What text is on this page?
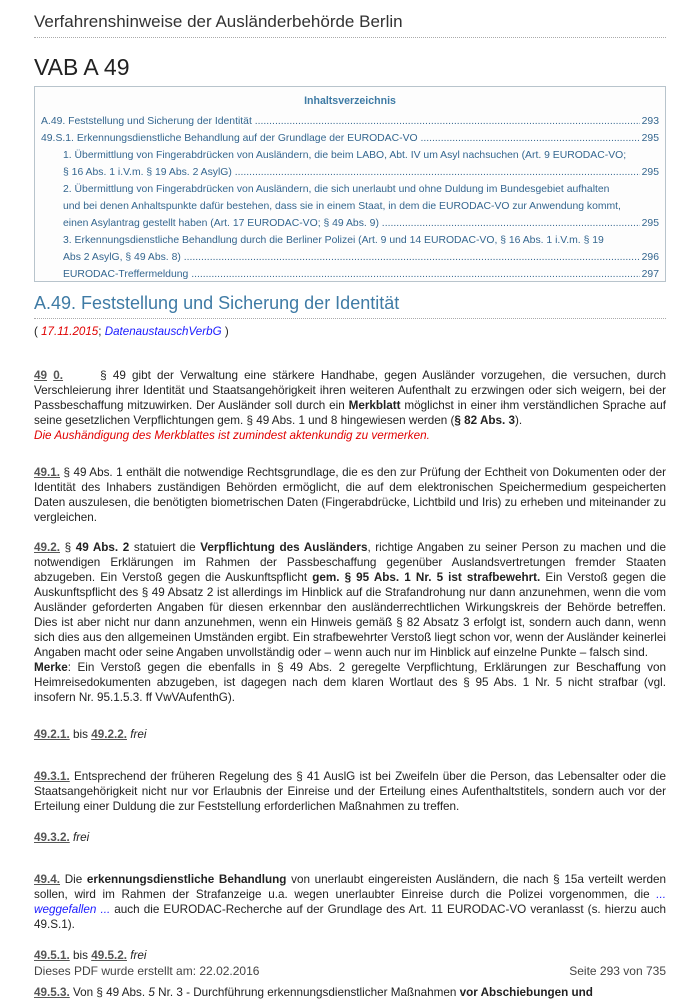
Verfahrenshinweise der Ausländerbehörde Berlin
VAB A 49
Inhaltsverzeichnis
A.49. Feststellung und Sicherung der Identität .....	293
49.S.1. Erkennungsdienstliche Behandlung auf der Grundlage der EURODAC-VO .....	295
1. Übermittlung von Fingerabdrücken von Ausländern, die beim LABO, Abt. IV um Asyl nachsuchen (Art. 9 EURODAC-VO;
§ 16 Abs. 1 i.V.m. § 19 Abs. 2 AsylG) .....	295
2. Übermittlung von Fingerabdrücken von Ausländern, die sich unerlaubt und ohne Duldung im Bundesgebiet aufhalten
und bei denen Anhaltspunkte dafür bestehen, dass sie in einem Staat, in dem die EURODAC-VO zur Anwendung kommt,
einen Asylantrag gestellt haben (Art. 17 EURODAC-VO; § 49 Abs. 9) .....	295
3. Erkennungsdienstliche Behandlung durch die Berliner Polizei (Art. 9 und 14 EURODAC-VO, § 16 Abs. 1 i.V.m. § 19
Abs 2 AsylG, § 49 Abs. 8) .....	296
EURODAC-Treffermeldung .....	297
A.49. Feststellung und Sicherung der Identität
( 17.11.2015; DatenaustauschVerbG )

49 0.	§ 49 gibt der Verwaltung eine stärkere Handhabe, gegen Ausländer vorzugehen, die versuchen, durch Verschleierung ihrer Identität und Staatsangehörigkeit ihren weiteren Aufenthalt zu erzwingen oder sich weigern, bei der Passbeschaffung mitzuwirken. Der Ausländer soll durch ein Merkblatt möglichst in einer ihm verständlichen Sprache auf seine gesetzlichen Verpflichtungen gem. § 49 Abs. 1 und 8 hingewiesen werden (§ 82 Abs. 3).
Die Aushändigung des Merkblattes ist zumindest aktenkundig zu vermerken.

49.1. § 49 Abs. 1 enthält die notwendige Rechtsgrundlage, die es den zur Prüfung der Echtheit von Dokumenten oder der Identität des Inhabers zuständigen Behörden ermöglicht, die auf dem elektronischen Speichermedium gespeicherten Daten auszulesen, die benötigten biometrischen Daten (Fingerabdrücke, Lichtbild und Iris) zu erheben und miteinander zu vergleichen.

49.2. § 49 Abs. 2 statuiert die Verpflichtung des Ausländers, richtige Angaben zu seiner Person zu machen und die notwendigen Erklärungen im Rahmen der Passbeschaffung gegenüber Auslandsvertretungen fremder Staaten abzugeben. Ein Verstoß gegen die Auskunftspflicht gem. § 95 Abs. 1 Nr. 5 ist strafbewehrt. Ein Verstoß gegen die Auskunftspflicht des § 49 Absatz 2 ist allerdings im Hinblick auf die Strafandrohung nur dann anzunehmen, wenn die vom Ausländer geforderten Angaben für diesen erkennbar den ausländerrechtlichen Wirkungskreis der Behörde betreffen. Dies ist aber nicht nur dann anzunehmen, wenn ein Hinweis gemäß § 82 Absatz 3 erfolgt ist, sondern auch dann, wenn sich dies aus den allgemeinen Umständen ergibt. Ein strafbewehrter Verstoß liegt schon vor, wenn der Ausländer keinerlei Angaben macht oder seine Angaben unvollständig oder – wenn auch nur im Hinblick auf einzelne Punkte – falsch sind.
Merke: Ein Verstoß gegen die ebenfalls in § 49 Abs. 2 geregelte Verpflichtung, Erklärungen zur Beschaffung von Heimreisedokumenten abzugeben, ist dagegen nach dem klaren Wortlaut des § 95 Abs. 1 Nr. 5 nicht strafbar (vgl. insofern Nr. 95.1.5.3. ff VwVAufenthG).

49.2.1. bis 49.2.2. frei

49.3.1. Entsprechend der früheren Regelung des § 41 AuslG ist bei Zweifeln über die Person, das Lebensalter oder die Staatsangehörigkeit nicht nur vor Erlaubnis der Einreise und der Erteilung eines Aufenthaltstitels, sondern auch vor der Erteilung einer Duldung die zur Feststellung erforderlichen Maßnahmen zu treffen.

49.3.2. frei

49.4. Die erkennungsdienstliche Behandlung von unerlaubt eingereisten Ausländern, die nach § 15a verteilt werden sollen, wird im Rahmen der Strafanzeige u.a. wegen unerlaubter Einreise durch die Polizei vorgenommen, die ... weggefallen ... auch die EURODAC-Recherche auf der Grundlage des Art. 11 EURODAC-VO veranlasst (s. hierzu auch 49.S.1).

49.5.1. bis 49.5.2. frei

49.5.3. Von § 49 Abs. 5 Nr. 3 - Durchführung erkennungsdienstlicher Maßnahmen vor Abschiebungen und

Dieses PDF wurde erstellt am: 22.02.2016	Seite 293 von 735
